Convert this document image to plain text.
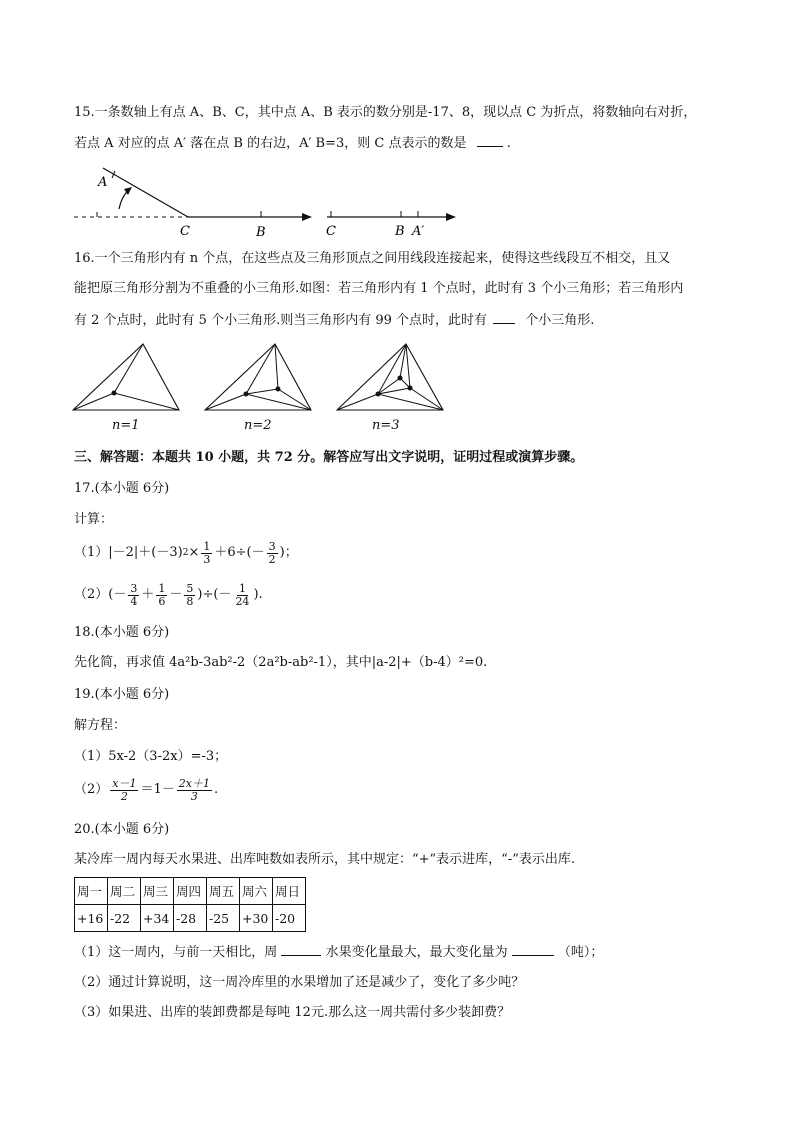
15.一条数轴上有点 A、B、C，其中点 A、B 表示的数分别是-17、8，现以点 C 为折点，将数轴向右对折，
若点 A 对应的点 A′ 落在点 B 的右边，A′ B=3，则 C 点表示的数是	.
A
C	B	C	B A′
16.一个三角形内有 n 个点，在这些点及三角形顶点之间用线段连接起来，使得这些线段互不相交，且又
能把原三角形分割为不重叠的小三角形.如图：若三角形内有 1 个点时，此时有 3 个小三角形；若三角形内
有 2 个点时，此时有 5 个小三角形.则当三角形内有 99 个点时，此时有	个小三角形.
n=1	n=2	n=3
三、解答题：本题共 10 小题，共 72 分。解答应写出文字说明，证明过程或演算步骤。
17.(本小题 6分)
计算：
（1） |－2|＋(－3) $2 \times \frac{1}{3} +6\div(- \frac{3}{2}$ )；
（2） (－ $\frac{3}{4} + \frac{1}{6} - \frac{5}{8}$ )÷(－ $\frac{1}{24}$ ).
18.(本小题 6分)
先化简，再求值 4a²b-3ab²-2（2a²b-ab²-1），其中|a-2|+（b-4）²=0.
19.(本小题 6分)
解方程：
（1）5x-2（3-2x）=-3；
$(2) \frac{x-1}{2} =1- \frac{2x+1}{3}$ .
20.(本小题 6分)
某冷库一周内每天水果进、出库吨数如表所示，其中规定：“+”表示进库，“-”表示出库.
周一	周二	周三	周四	周五	周六	周日
+16	-22	+34	-28	-25	+30	-20
（1）这一周内，与前一天相比，周	水果变化量最大，最大变化量为	（吨）；
（2）通过计算说明，这一周冷库里的水果增加了还是减少了，变化了多少吨？
（3）如果进、出库的装卸费都是每吨 12元.那么这一周共需付多少装卸费？
